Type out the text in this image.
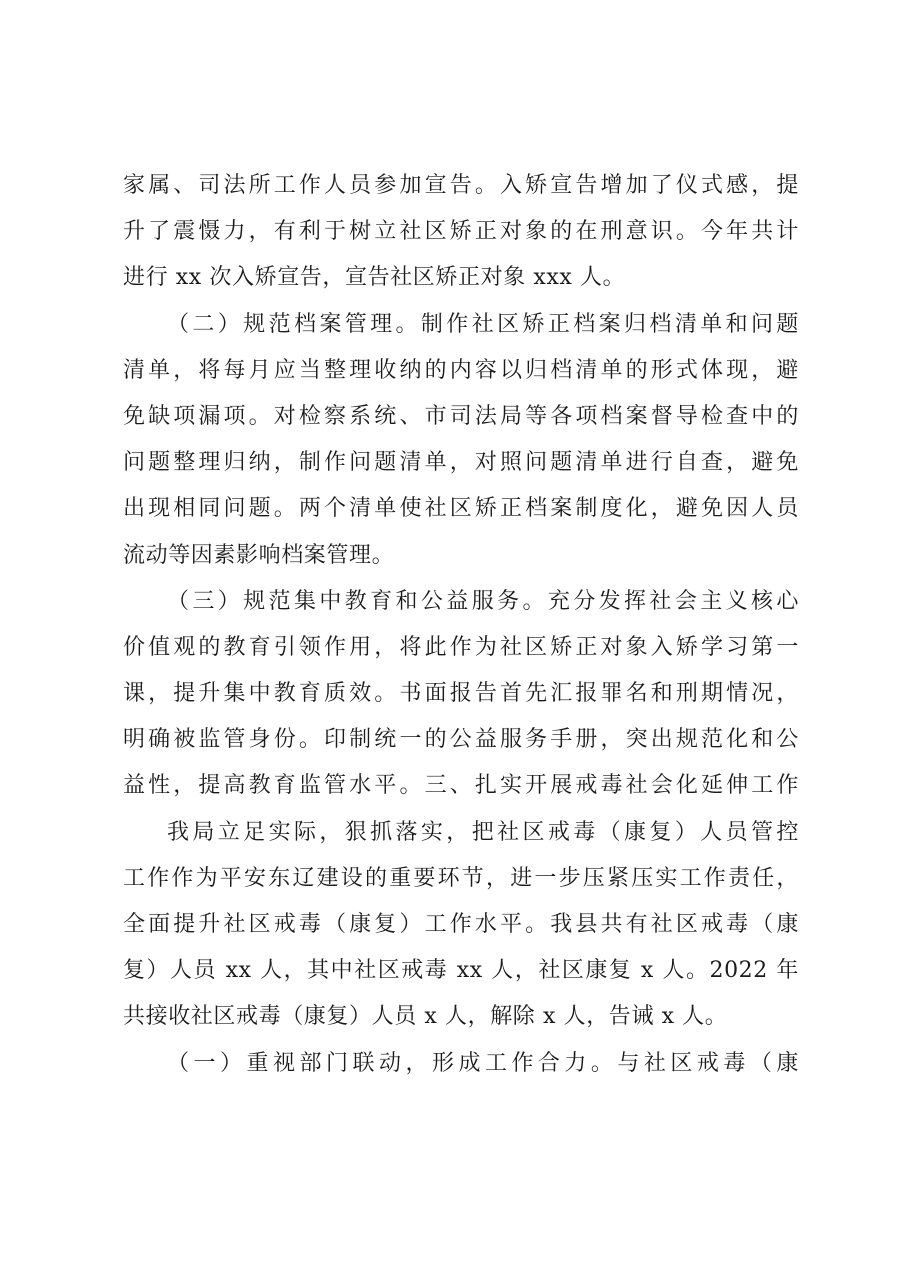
家属、司法所工作人员参加宣告。入矫宣告增加了仪式感，提
升了震慑力，有利于树立社区矫正对象的在刑意识。今年共计
进行 xx 次入矫宣告，宣告社区矫正对象 xxx 人。
（二）规范档案管理。制作社区矫正档案归档清单和问题
清单，将每月应当整理收纳的内容以归档清单的形式体现，避
免缺项漏项。对检察系统、市司法局等各项档案督导检查中的
问题整理归纳，制作问题清单，对照问题清单进行自查，避免
出现相同问题。两个清单使社区矫正档案制度化，避免因人员
流动等因素影响档案管理。
（三）规范集中教育和公益服务。充分发挥社会主义核心
价值观的教育引领作用，将此作为社区矫正对象入矫学习第一
课，提升集中教育质效。书面报告首先汇报罪名和刑期情况，
明确被监管身份。印制统一的公益服务手册，突出规范化和公
益性，提高教育监管水平。三、扎实开展戒毒社会化延伸工作
我局立足实际，狠抓落实，把社区戒毒（康复）人员管控
工作作为平安东辽建设的重要环节，进一步压紧压实工作责任，
全面提升社区戒毒（康复）工作水平。我县共有社区戒毒（康
复）人员 xx 人，其中社区戒毒 xx 人，社区康复 x 人。2022 年
共接收社区戒毒（康复）人员 x 人，解除 x 人，告诫 x 人。
（一）重视部门联动，形成工作合力。与社区戒毒（康
